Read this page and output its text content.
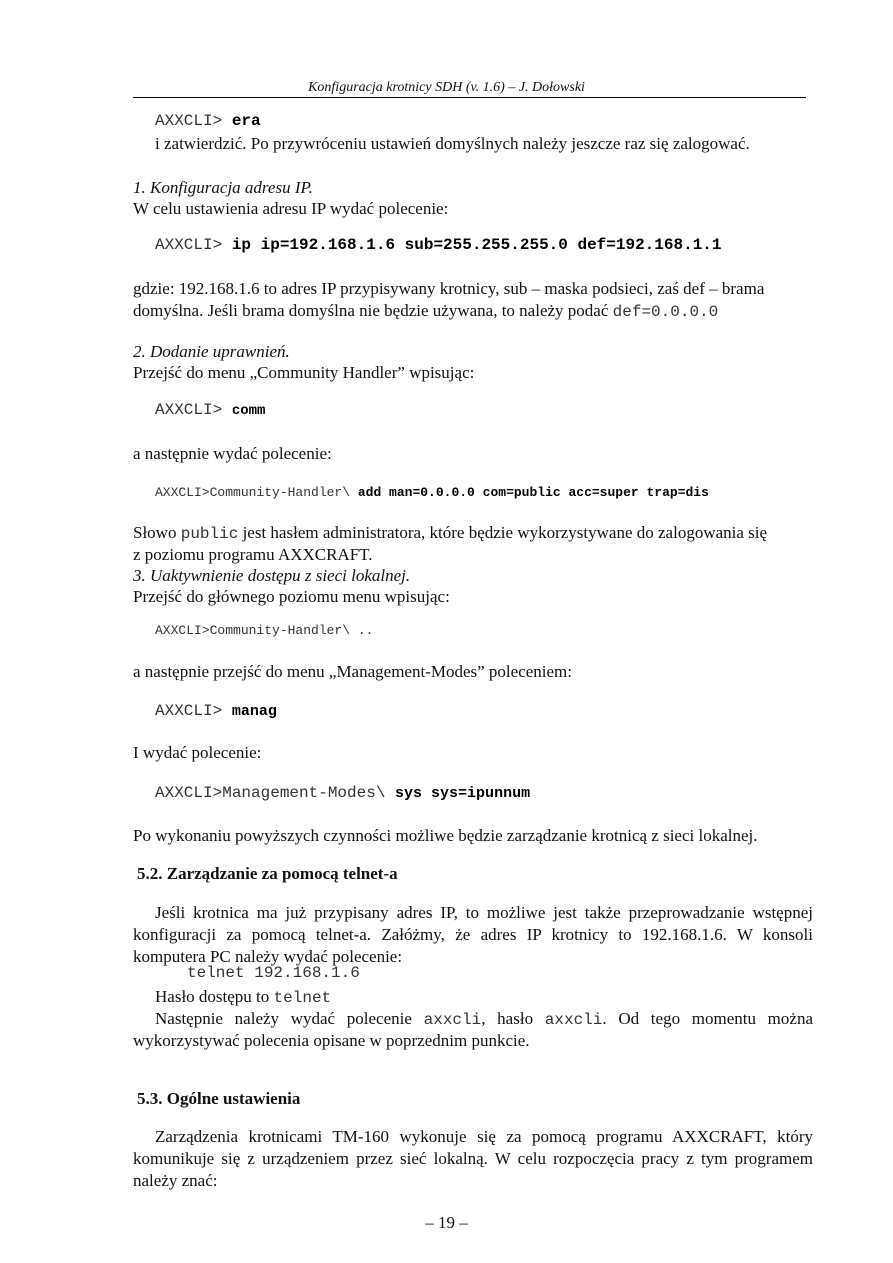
Konfiguracja krotnicy SDH (v. 1.6) – J. Dołowski
AXXCLI> era
i zatwierdzić. Po przywróceniu ustawień domyślnych należy jeszcze raz się zalogować.
1. Konfiguracja adresu IP.
W celu ustawienia adresu IP wydać polecenie:
AXXCLI> ip ip=192.168.1.6 sub=255.255.255.0 def=192.168.1.1
gdzie: 192.168.1.6 to adres IP przypisywany krotnicy, sub – maska podsieci, zaś def – brama
domyślna. Jeśli brama domyślna nie będzie używana, to należy podać def=0.0.0.0
2. Dodanie uprawnień.
Przejść do menu „Community Handler” wpisując:
AXXCLI> comm
a następnie wydać polecenie:
AXXCLI>Community-Handler\ add man=0.0.0.0 com=public acc=super trap=dis
Słowo public jest hasłem administratora, które będzie wykorzystywane do zalogowania się
z poziomu programu AXXCRAFT.
3. Uaktywnienie dostępu z sieci lokalnej.
Przejść do głównego poziomu menu wpisując:
AXXCLI>Community-Handler\ ..
a następnie przejść do menu „Management-Modes” poleceniem:
AXXCLI> manag
I wydać polecenie:
AXXCLI>Management-Modes\ sys sys=ipunnum
Po wykonaniu powyższych czynności możliwe będzie zarządzanie krotnicą z sieci lokalnej.
5.2. Zarządzanie za pomocą telnet-a
Jeśli krotnica ma już przypisany adres IP, to możliwe jest także przeprowadzanie wstępnej konfiguracji za pomocą telnet-a. Załóżmy, że adres IP krotnicy to 192.168.1.6. W konsoli komputera PC należy wydać polecenie:
telnet 192.168.1.6
Hasło dostępu to telnet
Następnie należy wydać polecenie axxcli, hasło axxcli. Od tego momentu można
wykorzystywać polecenia opisane w poprzednim punkcie.
5.3. Ogólne ustawienia
Zarządzenia krotnicami TM-160 wykonuje się za pomocą programu AXXCRAFT, który komunikuje się z urządzeniem przez sieć lokalną. W celu rozpoczęcia pracy z tym programem należy znać:
– 19 –
